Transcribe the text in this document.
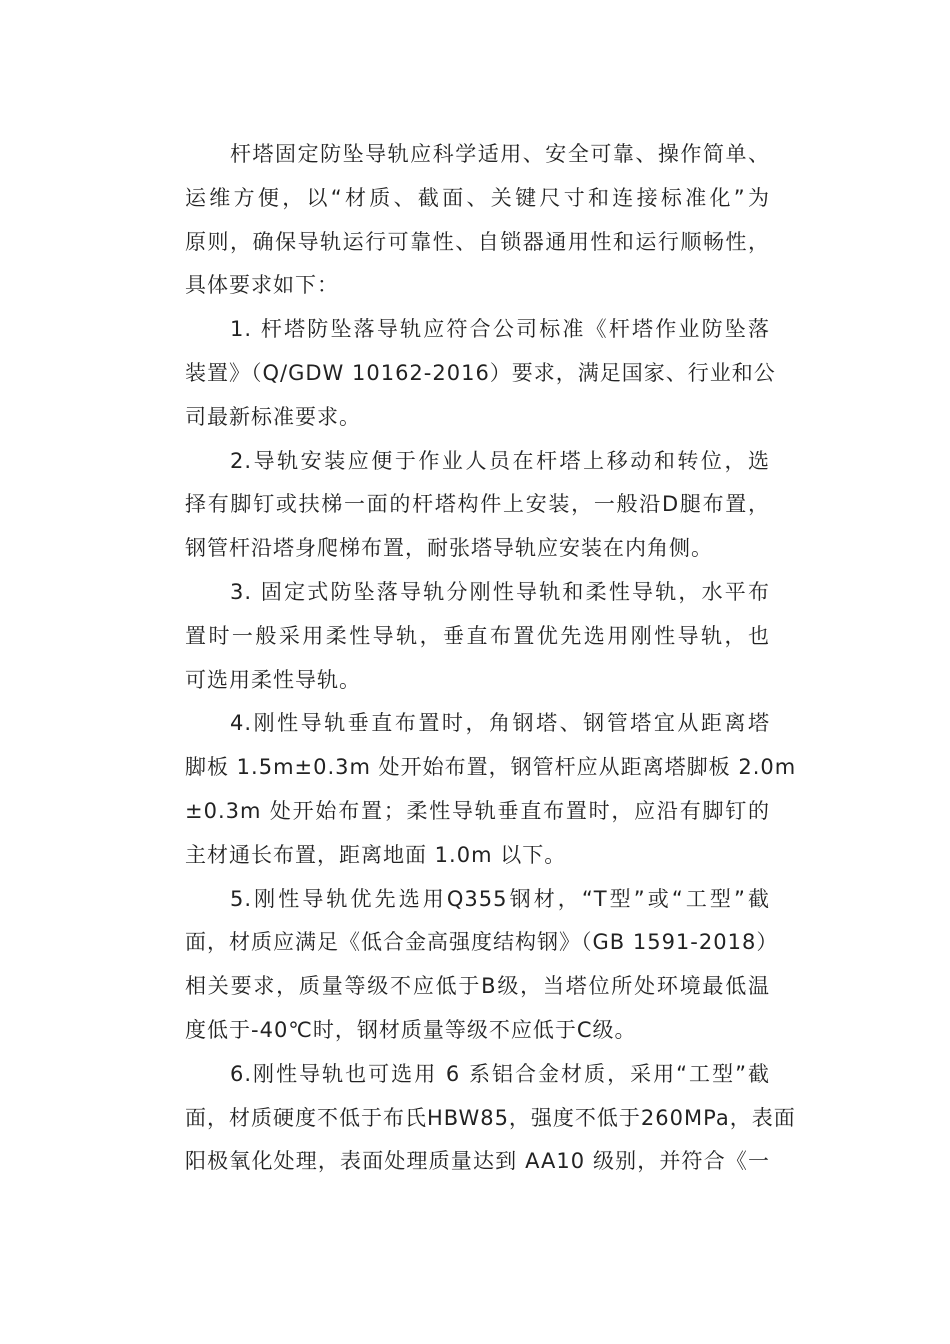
杆塔固定防坠导轨应科学适用、安全可靠、操作简单、
运维方便，以“材质、截面、关键尺寸和连接标准化”为
原则，确保导轨运行可靠性、自锁器通用性和运行顺畅性，
具体要求如下：
1. 杆塔防坠落导轨应符合公司标准《杆塔作业防坠落
装置》（Q/GDW 10162-2016）要求，满足国家、行业和公
司最新标准要求。
2.导轨安装应便于作业人员在杆塔上移动和转位，选
择有脚钉或扶梯一面的杆塔构件上安装，一般沿D腿布置，
钢管杆沿塔身爬梯布置，耐张塔导轨应安装在内角侧。
3. 固定式防坠落导轨分刚性导轨和柔性导轨，水平布
置时一般采用柔性导轨，垂直布置优先选用刚性导轨，也
可选用柔性导轨。
4.刚性导轨垂直布置时，角钢塔、钢管塔宜从距离塔
脚板 1.5m±0.3m 处开始布置，钢管杆应从距离塔脚板 2.0m
±0.3m 处开始布置；柔性导轨垂直布置时，应沿有脚钉的
主材通长布置，距离地面 1.0m 以下。
5.刚性导轨优先选用Q355钢材，“T型”或“工型”截
面，材质应满足《低合金高强度结构钢》（GB 1591-2018）
相关要求，质量等级不应低于B级，当塔位所处环境最低温
度低于-40℃时，钢材质量等级不应低于C级。
6.刚性导轨也可选用 6 系铝合金材质，采用“工型”截
面，材质硬度不低于布氏HBW85，强度不低于260MPa，表面
阳极氧化处理，表面处理质量达到 AA10 级别，并符合《一
